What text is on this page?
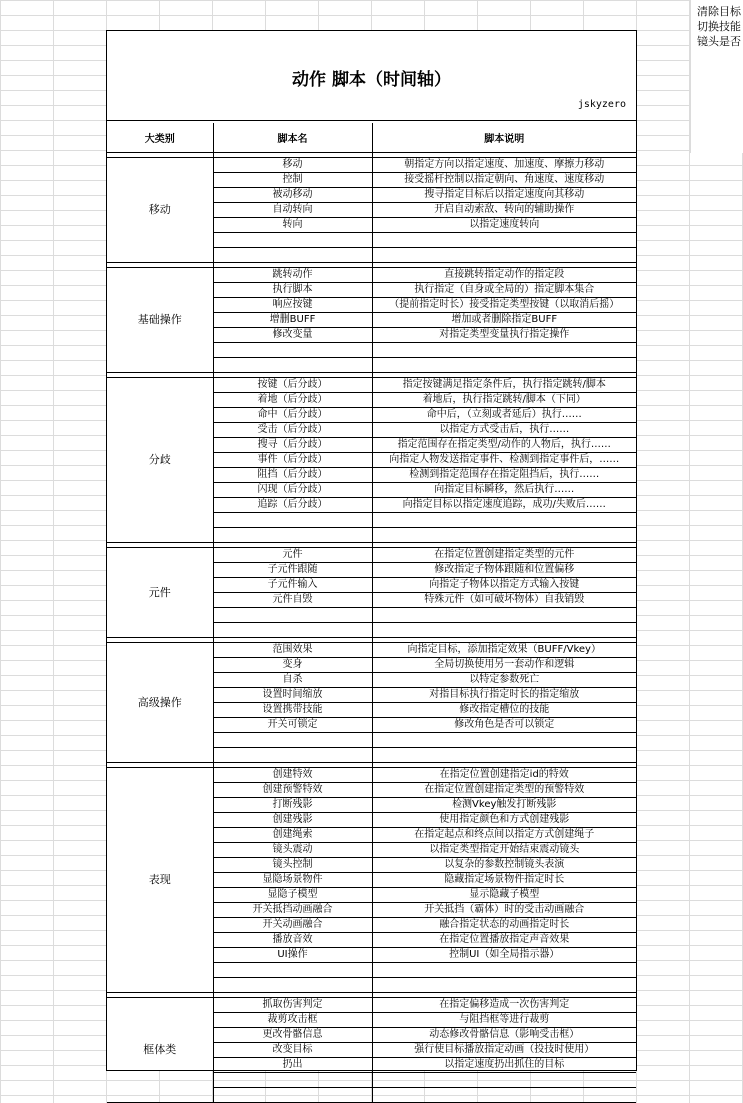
清除目标
切换技能
镜头是否
动作 脚本（时间轴）
jskyzero
大类别	脚本名	脚本说明

移动	移动	朝指定方向以指定速度、加速度、摩擦力移动
	控制	接受摇杆控制以指定朝向、角速度、速度移动
	被动移动	搜寻指定目标后以指定速度向其移动
	自动转向	开启自动索敌、转向的辅助操作
	转向	以指定速度转向

基础操作	跳转动作	直接跳转指定动作的指定段
	执行脚本	执行指定（自身或全局的）指定脚本集合
	响应按键	（提前指定时长）接受指定类型按键（以取消后摇）
	增删BUFF	增加或者删除指定BUFF
	修改变量	对指定类型变量执行指定操作

分歧	按键（后分歧）	指定按键满足指定条件后，执行指定跳转/脚本
	着地（后分歧）	着地后，执行指定跳转/脚本（下同）
	命中（后分歧）	命中后，（立刻或者延后）执行……
	受击（后分歧）	以指定方式受击后，执行……
	搜寻（后分歧）	指定范围存在指定类型/动作的人物后，执行……
	事件（后分歧）	向指定人物发送指定事件、检测到指定事件后，……
	阻挡（后分歧）	检测到指定范围存在指定阻挡后，执行……
	闪现（后分歧）	向指定目标瞬移，然后执行……
	追踪（后分歧）	向指定目标以指定速度追踪，成功/失败后……

元件	元件	在指定位置创建指定类型的元件
	子元件跟随	修改指定子物体跟随和位置偏移
	子元件输入	向指定子物体以指定方式输入按键
	元件自毁	特殊元件（如可破坏物体）自我销毁

高级操作	范围效果	向指定目标，添加指定效果（BUFF/Vkey）
	变身	全局切换使用另一套动作和逻辑
	自杀	以特定参数死亡
	设置时间缩放	对指目标执行指定时长的指定缩放
	设置携带技能	修改指定槽位的技能
	开关可锁定	修改角色是否可以锁定

表现	创建特效	在指定位置创建指定id的特效
	创建预警特效	在指定位置创建指定类型的预警特效
	打断残影	检测Vkey触发打断残影
	创建残影	使用指定颜色和方式创建残影
	创建绳索	在指定起点和终点间以指定方式创建绳子
	镜头震动	以指定类型指定开始结束震动镜头
	镜头控制	以复杂的参数控制镜头表演
	显隐场景物件	隐藏指定场景物件指定时长
	显隐子模型	显示隐藏子模型
	开关抵挡动画融合	开关抵挡（霸体）时的受击动画融合
	开关动画融合	融合指定状态的动画指定时长
	播放音效	在指定位置播放指定声音效果
	UI操作	控制UI（如全局指示器）

框体类	抓取伤害判定	在指定偏移造成一次伤害判定
	裁剪攻击框	与阻挡框等进行裁剪
	更改骨骼信息	动态修改骨骼信息（影响受击框）
	改变目标	强行使目标播放指定动画（投技时使用）
	扔出	以指定速度扔出抓住的目标
